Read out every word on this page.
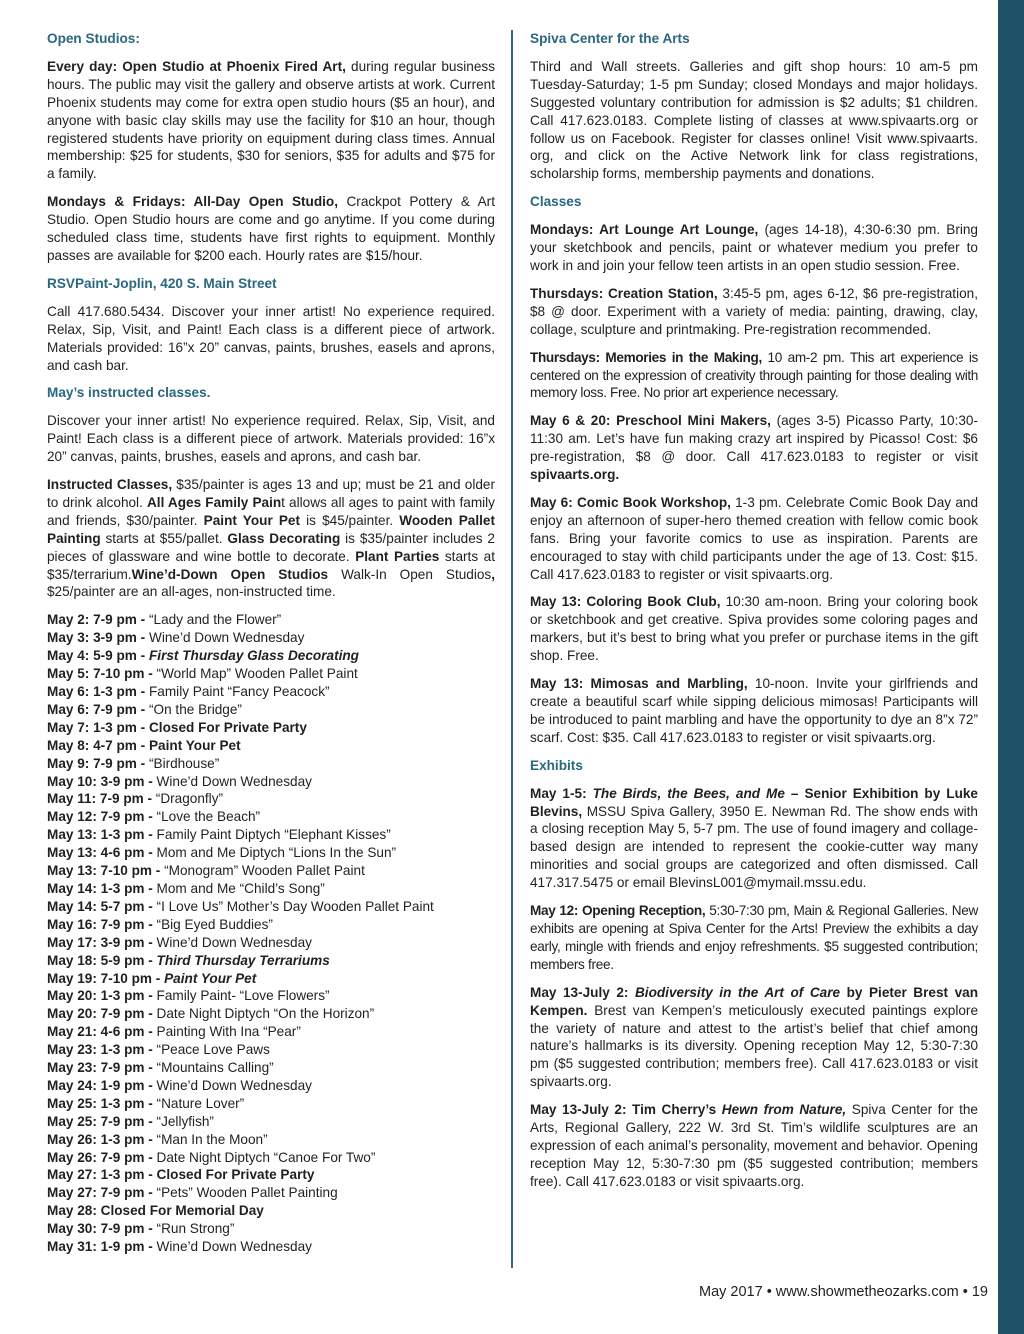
Open Studios:

Every day: Open Studio at Phoenix Fired Art, during regular business hours. The public may visit the gallery and observe artists at work. Current Phoenix students may come for extra open studio hours ($5 an hour), and anyone with basic clay skills may use the facility for $10 an hour, though registered students have priority on equipment during class times. Annual membership: $25 for students, $30 for seniors, $35 for adults and $75 for a family.

Mondays & Fridays: All-Day Open Studio, Crackpot Pottery & Art Studio. Open Studio hours are come and go anytime. If you come during scheduled class time, students have first rights to equipment. Monthly passes are available for $200 each. Hourly rates are $15/hour.

RSVPaint-Joplin, 420 S. Main Street

Call 417.680.5434. Discover your inner artist! No experience required. Relax, Sip, Visit, and Paint! Each class is a different piece of artwork. Materials provided: 16”x 20” canvas, paints, brushes, easels and aprons, and cash bar.

May’s instructed classes.

Discover your inner artist! No experience required. Relax, Sip, Visit, and Paint! Each class is a different piece of artwork. Materials provided: 16”x 20” canvas, paints, brushes, easels and aprons, and cash bar.

Instructed Classes, $35/painter is ages 13 and up; must be 21 and older to drink alcohol. All Ages Family Paint allows all ages to paint with family and friends, $30/painter. Paint Your Pet is $45/painter. Wooden Pallet Painting starts at $55/pallet. Glass Decorating is $35/painter includes 2 pieces of glassware and wine bottle to decorate. Plant Parties starts at $35/terrarium.Wine’d-Down Open Studios Walk-In Open Studios, $25/painter are an all-ages, non-instructed time.

May 2: 7-9 pm - “Lady and the Flower”
May 3: 3-9 pm - Wine’d Down Wednesday
May 4: 5-9 pm - First Thursday Glass Decorating
May 5: 7-10 pm - “World Map” Wooden Pallet Paint
May 6: 1-3 pm - Family Paint “Fancy Peacock”
May 6: 7-9 pm - “On the Bridge”
May 7: 1-3 pm - Closed For Private Party
May 8: 4-7 pm - Paint Your Pet
May 9: 7-9 pm - “Birdhouse”
May 10: 3-9 pm - Wine’d Down Wednesday
May 11: 7-9 pm - “Dragonfly”
May 12: 7-9 pm - “Love the Beach”
May 13: 1-3 pm - Family Paint Diptych “Elephant Kisses”
May 13: 4-6 pm - Mom and Me Diptych “Lions In the Sun”
May 13: 7-10 pm - “Monogram” Wooden Pallet Paint
May 14: 1-3 pm - Mom and Me “Child’s Song”
May 14: 5-7 pm - “I Love Us” Mother’s Day Wooden Pallet Paint
May 16: 7-9 pm - “Big Eyed Buddies”
May 17: 3-9 pm - Wine’d Down Wednesday
May 18: 5-9 pm - Third Thursday Terrariums
May 19: 7-10 pm - Paint Your Pet
May 20: 1-3 pm - Family Paint- “Love Flowers”
May 20: 7-9 pm - Date Night Diptych “On the Horizon”
May 21: 4-6 pm - Painting With Ina “Pear”
May 23: 1-3 pm - “Peace Love Paws
May 23: 7-9 pm - “Mountains Calling”
May 24: 1-9 pm - Wine’d Down Wednesday
May 25: 1-3 pm - “Nature Lover”
May 25: 7-9 pm - “Jellyfish”
May 26: 1-3 pm - “Man In the Moon”
May 26: 7-9 pm - Date Night Diptych “Canoe For Two”
May 27: 1-3 pm - Closed For Private Party
May 27: 7-9 pm - “Pets” Wooden Pallet Painting
May 28: Closed For Memorial Day
May 30: 7-9 pm - “Run Strong”
May 31: 1-9 pm - Wine’d Down Wednesday
Spiva Center for the Arts

Third and Wall streets. Galleries and gift shop hours: 10 am-5 pm Tuesday-Saturday; 1-5 pm Sunday; closed Mondays and major holidays. Suggested voluntary contribution for admission is $2 adults; $1 children. Call 417.623.0183. Complete listing of classes at www.spivaarts.org or follow us on Facebook. Register for classes online! Visit www.spivaarts. org, and click on the Active Network link for class registrations, scholarship forms, membership payments and donations.

Classes

Mondays: Art Lounge Art Lounge, (ages 14-18), 4:30-6:30 pm. Bring your sketchbook and pencils, paint or whatever medium you prefer to work in and join your fellow teen artists in an open studio session. Free.

Thursdays: Creation Station, 3:45-5 pm, ages 6-12, $6 pre-registration, $8 @ door. Experiment with a variety of media: painting, drawing, clay, collage, sculpture and printmaking. Pre-registration recommended.

Thursdays: Memories in the Making, 10 am-2 pm. This art experience is centered on the expression of creativity through painting for those dealing with memory loss. Free. No prior art experience necessary.

May 6 & 20: Preschool Mini Makers, (ages 3-5) Picasso Party, 10:30-11:30 am. Let’s have fun making crazy art inspired by Picasso! Cost: $6 pre-registration, $8 @ door. Call 417.623.0183 to register or visit spivaarts.org.

May 6: Comic Book Workshop, 1-3 pm. Celebrate Comic Book Day and enjoy an afternoon of super-hero themed creation with fellow comic book fans. Bring your favorite comics to use as inspiration. Parents are encouraged to stay with child participants under the age of 13. Cost: $15. Call 417.623.0183 to register or visit spivaarts.org.

May 13: Coloring Book Club, 10:30 am-noon. Bring your coloring book or sketchbook and get creative. Spiva provides some coloring pages and markers, but it’s best to bring what you prefer or purchase items in the gift shop. Free.

May 13: Mimosas and Marbling, 10-noon. Invite your girlfriends and create a beautiful scarf while sipping delicious mimosas! Participants will be introduced to paint marbling and have the opportunity to dye an 8”x 72” scarf. Cost: $35. Call 417.623.0183 to register or visit spivaarts.org.

Exhibits

May 1-5: The Birds, the Bees, and Me – Senior Exhibition by Luke Blevins, MSSU Spiva Gallery, 3950 E. Newman Rd. The show ends with a closing reception May 5, 5-7 pm. The use of found imagery and collage-based design are intended to represent the cookie-cutter way many minorities and social groups are categorized and often dismissed. Call 417.317.5475 or email BlevinsL001@mymail.mssu.edu.

May 12: Opening Reception, 5:30-7:30 pm, Main & Regional Galleries. New exhibits are opening at Spiva Center for the Arts! Preview the exhibits a day early, mingle with friends and enjoy refreshments. $5 suggested contribution; members free.

May 13-July 2: Biodiversity in the Art of Care by Pieter Brest van Kempen. Brest van Kempen’s meticulously executed paintings explore the variety of nature and attest to the artist’s belief that chief among nature’s hallmarks is its diversity. Opening reception May 12, 5:30-7:30 pm ($5 suggested contribution; members free). Call 417.623.0183 or visit spivaarts.org.

May 13-July 2: Tim Cherry’s Hewn from Nature, Spiva Center for the Arts, Regional Gallery, 222 W. 3rd St. Tim’s wildlife sculptures are an expression of each animal’s personality, movement and behavior. Opening reception May 12, 5:30-7:30 pm ($5 suggested contribution; members free). Call 417.623.0183 or visit spivaarts.org.

May 2017 • www.showmetheozarks.com • 19
